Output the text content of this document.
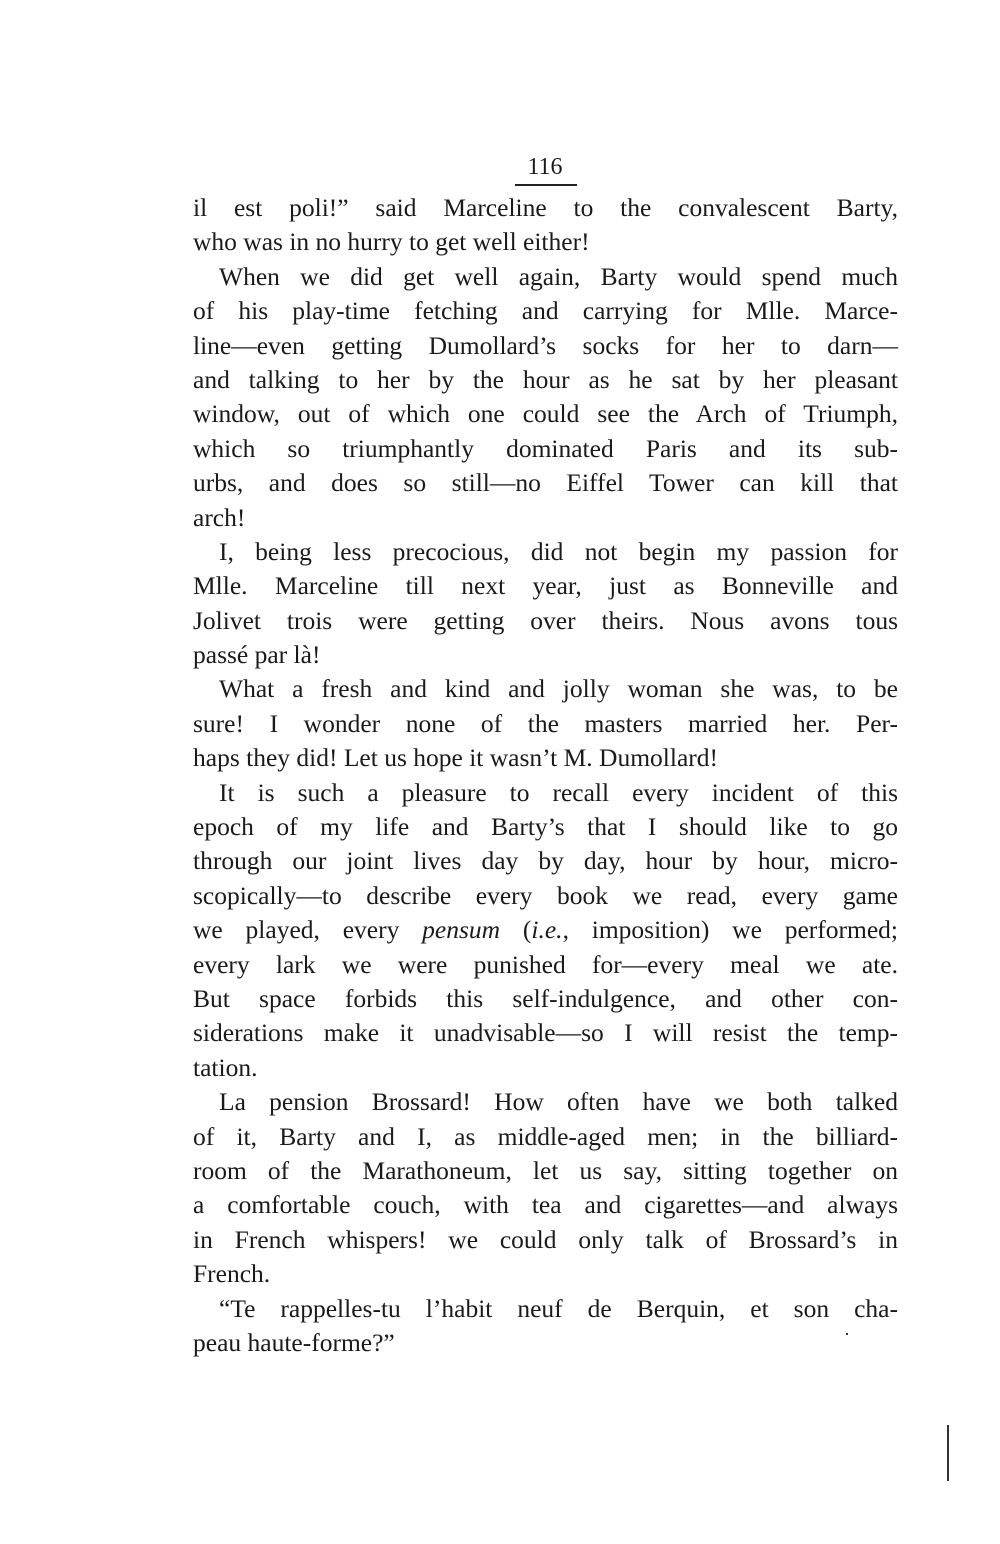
116
il est poli!” said Marceline to the convalescent Barty,
who was in no hurry to get well either!
When we did get well again, Barty would spend much
of his play-time fetching and carrying for Mlle. Marce-
line—even getting Dumollard’s socks for her to darn—
and talking to her by the hour as he sat by her pleasant
window, out of which one could see the Arch of Triumph,
which so triumphantly dominated Paris and its sub-
urbs, and does so still—no Eiffel Tower can kill that
arch!
I, being less precocious, did not begin my passion for
Mlle. Marceline till next year, just as Bonneville and
Jolivet trois were getting over theirs. Nous avons tous
passé par là!
What a fresh and kind and jolly woman she was, to be
sure! I wonder none of the masters married her. Per-
haps they did! Let us hope it wasn’t M. Dumollard!
It is such a pleasure to recall every incident of this
epoch of my life and Barty’s that I should like to go
through our joint lives day by day, hour by hour, micro-
scopically—to describe every book we read, every game
we played, every pensum (i.e., imposition) we performed;
every lark we were punished for—every meal we ate.
But space forbids this self-indulgence, and other con-
siderations make it unadvisable—so I will resist the temp-
tation.
La pension Brossard! How often have we both talked
of it, Barty and I, as middle-aged men; in the billiard-
room of the Marathoneum, let us say, sitting together on
a comfortable couch, with tea and cigarettes—and always
in French whispers! we could only talk of Brossard’s in
French.
“Te rappelles-tu l’habit neuf de Berquin, et son cha-
peau haute-forme?”
